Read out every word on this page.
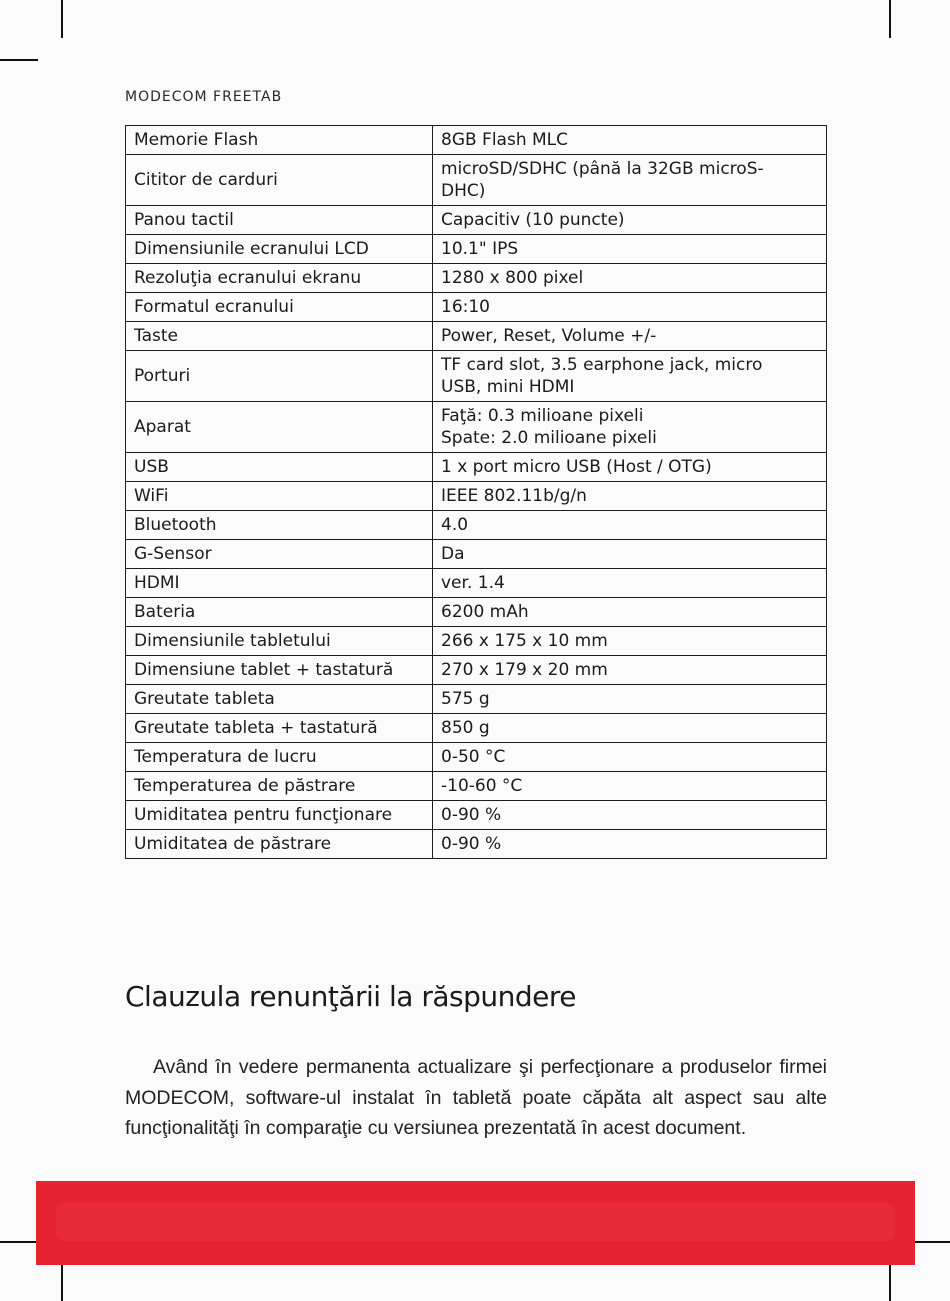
MODECOM FREETAB
Memorie Flash	8GB Flash MLC

Cititor de carduri	microSD/SDHC (până la 32GB microS-
DHC)

Panou tactil	Capacitiv (10 puncte)

Dimensiunile ecranului LCD	10.1" IPS

Rezoluţia ecranului ekranu	1280 x 800 pixel

Formatul ecranului	16:10

Taste	Power, Reset, Volume +/-

Porturi	TF card slot, 3.5 earphone jack, micro
USB, mini HDMI

Aparat	Faţă: 0.3 milioane pixeli
Spate: 2.0 milioane pixeli

USB	1 x port micro USB (Host / OTG)

WiFi	IEEE 802.11b/g/n

Bluetooth	4.0

G-Sensor	Da

HDMI	ver. 1.4

Bateria	6200 mAh

Dimensiunile tabletului	266 x 175 x 10 mm

Dimensiune tablet + tastatură	270 x 179 x 20 mm

Greutate tableta	575 g

Greutate tableta + tastatură	850 g

Temperatura de lucru	0-50 °C

Temperaturea de păstrare	-10-60 °C

Umiditatea pentru funcţionare	0-90 %

Umiditatea de păstrare	0-90 %
Clauzula renunţării la răspundere

Având în vedere permanenta actualizare şi perfecţionare a produselor firmei MODECOM, software-ul instalat în tabletă poate căpăta alt aspect sau alte funcţionalităţi în comparaţie cu versiunea prezentată în acest document.
